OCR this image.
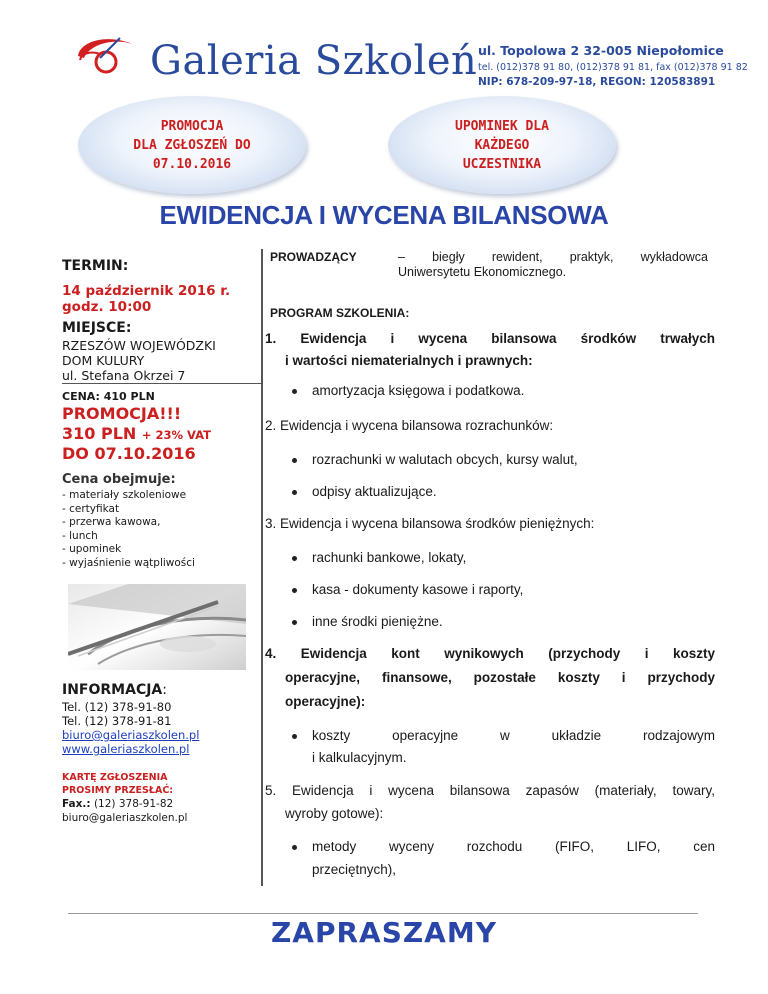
Galeria Szkoleń ul. Topolowa 2 32-005 Niepołomice
tel. (012)378 91 80, (012)378 91 81, fax (012)378 91 82
NIP: 678-209-97-18, REGON: 120583891
PROMOCJA
DLA ZGŁOSZEŃ DO
07.10.2016
UPOMINEK DLA
KAŻDEGO
UCZESTNIKA
EWIDENCJA I WYCENA BILANSOWA
TERMIN:
14 październik 2016 r.
godz. 10:00
MIEJSCE:
RZESZÓW WOJEWÓDZKI
DOM KULURY
ul. Stefana Okrzei 7
CENA: 410 PLN
PROMOCJA!!!
310 PLN + 23% VAT
DO 07.10.2016
Cena obejmuje:
- materiały szkoleniowe
- certyfikat
- przerwa kawowa,
- lunch
- upominek
- wyjaśnienie wątpliwości
INFORMACJA:
Tel. (12) 378-91-80
Tel. (12) 378-91-81
biuro@galeriaszkolen.pl
www.galeriaszkolen.pl
KARTĘ ZGŁOSZENIA
PROSIMY PRZESŁAĆ:
Fax.: (12) 378-91-82
biuro@galeriaszkolen.pl
PROWADZĄCY	– biegły rewident, praktyk, wykładowca
Uniwersytetu Ekonomicznego.
PROGRAM SZKOLENIA:
1. Ewidencja i wycena bilansowa środków trwałych
i wartości niematerialnych i prawnych:
amortyzacja księgowa i podatkowa.
2. Ewidencja i wycena bilansowa rozrachunków:
rozrachunki w walutach obcych, kursy walut,
odpisy aktualizujące.
3. Ewidencja i wycena bilansowa środków pieniężnych:
rachunki bankowe, lokaty,
kasa - dokumenty kasowe i raporty,
inne środki pieniężne.
4. Ewidencja kont wynikowych (przychody i koszty
operacyjne, finansowe, pozostałe koszty i przychody
operacyjne):
koszty operacyjne w układzie rodzajowym
i kalkulacyjnym.
5. Ewidencja i wycena bilansowa zapasów (materiały, towary,
wyroby gotowe):
metody wyceny rozchodu (FIFO, LIFO, cen
przeciętnych),
ZAPRASZAMY
